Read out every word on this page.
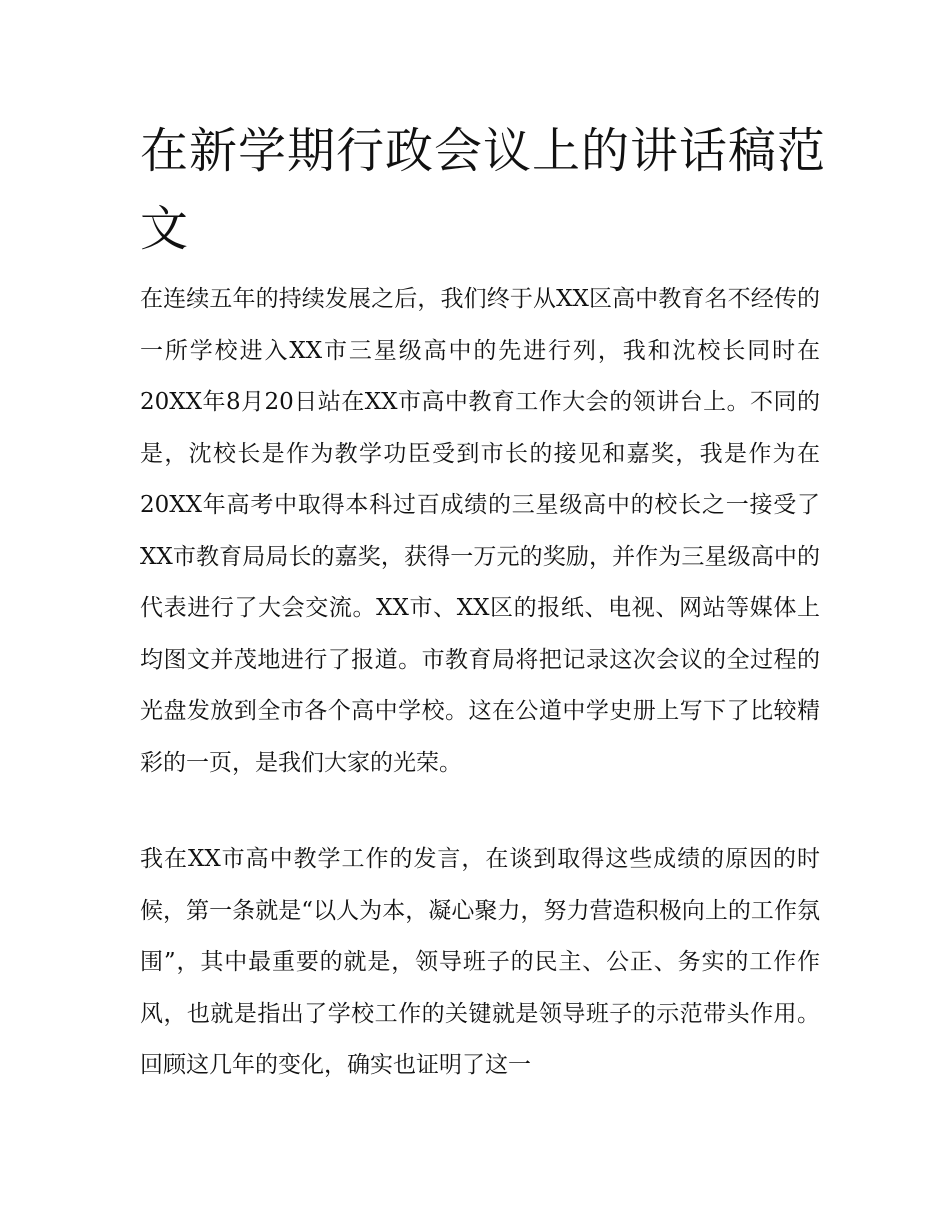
在新学期行政会议上的讲话稿范文

在连续五年的持续发展之后，我们终于从XX区高中教育名不经传的一所学校进入XX市三星级高中的先进行列，我和沈校长同时在20XX年8月20日站在XX市高中教育工作大会的领讲台上。不同的是，沈校长是作为教学功臣受到市长的接见和嘉奖，我是作为在20XX年高考中取得本科过百成绩的三星级高中的校长之一接受了XX市教育局局长的嘉奖，获得一万元的奖励，并作为三星级高中的代表进行了大会交流。XX市、XX区的报纸、电视、网站等媒体上均图文并茂地进行了报道。市教育局将把记录这次会议的全过程的光盘发放到全市各个高中学校。这在公道中学史册上写下了比较精彩的一页，是我们大家的光荣。

我在XX市高中教学工作的发言，在谈到取得这些成绩的原因的时候，第一条就是“以人为本，凝心聚力，努力营造积极向上的工作氛围”，其中最重要的就是，领导班子的民主、公正、务实的工作作风，也就是指出了学校工作的关键就是领导班子的示范带头作用。回顾这几年的变化，确实也证明了这一
